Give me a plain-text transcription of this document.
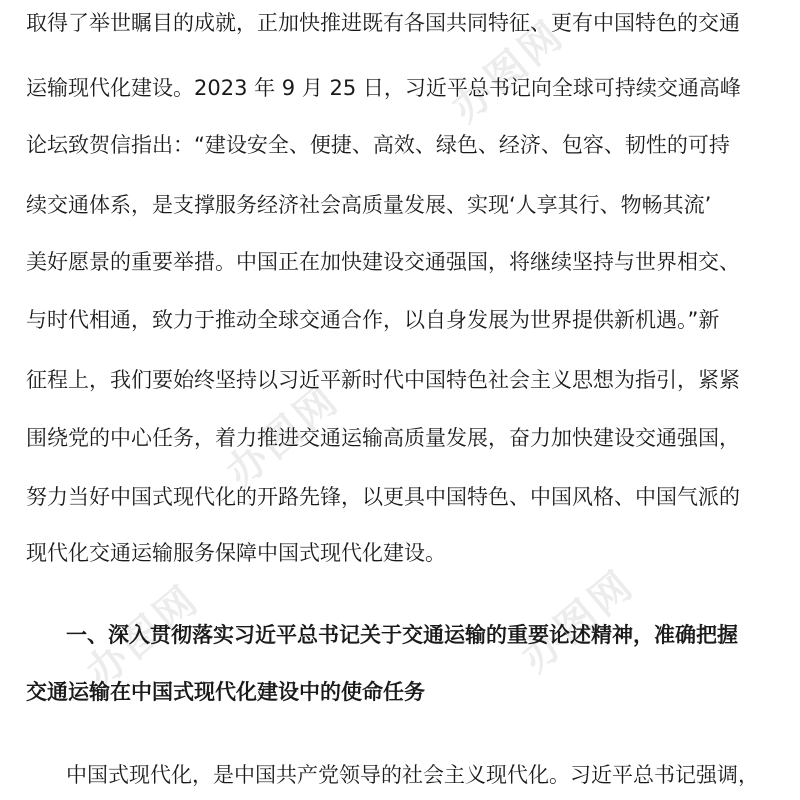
办图网
办图网
办图网
办图网
取得了举世瞩目的成就，正加快推进既有各国共同特征、更有中国特色的交通
运输现代化建设。2023 年 9 月 25 日，习近平总书记向全球可持续交通高峰
论坛致贺信指出：“建设安全、便捷、高效、绿色、经济、包容、韧性的可持
续交通体系，是支撑服务经济社会高质量发展、实现‘人享其行、物畅其流’
美好愿景的重要举措。中国正在加快建设交通强国，将继续坚持与世界相交、
与时代相通，致力于推动全球交通合作，以自身发展为世界提供新机遇。”新
征程上，我们要始终坚持以习近平新时代中国特色社会主义思想为指引，紧紧
围绕党的中心任务，着力推进交通运输高质量发展，奋力加快建设交通强国，
努力当好中国式现代化的开路先锋，以更具中国特色、中国风格、中国气派的
现代化交通运输服务保障中国式现代化建设。
一、深入贯彻落实习近平总书记关于交通运输的重要论述精神，准确把握
交通运输在中国式现代化建设中的使命任务
中国式现代化，是中国共产党领导的社会主义现代化。习近平总书记强调，
